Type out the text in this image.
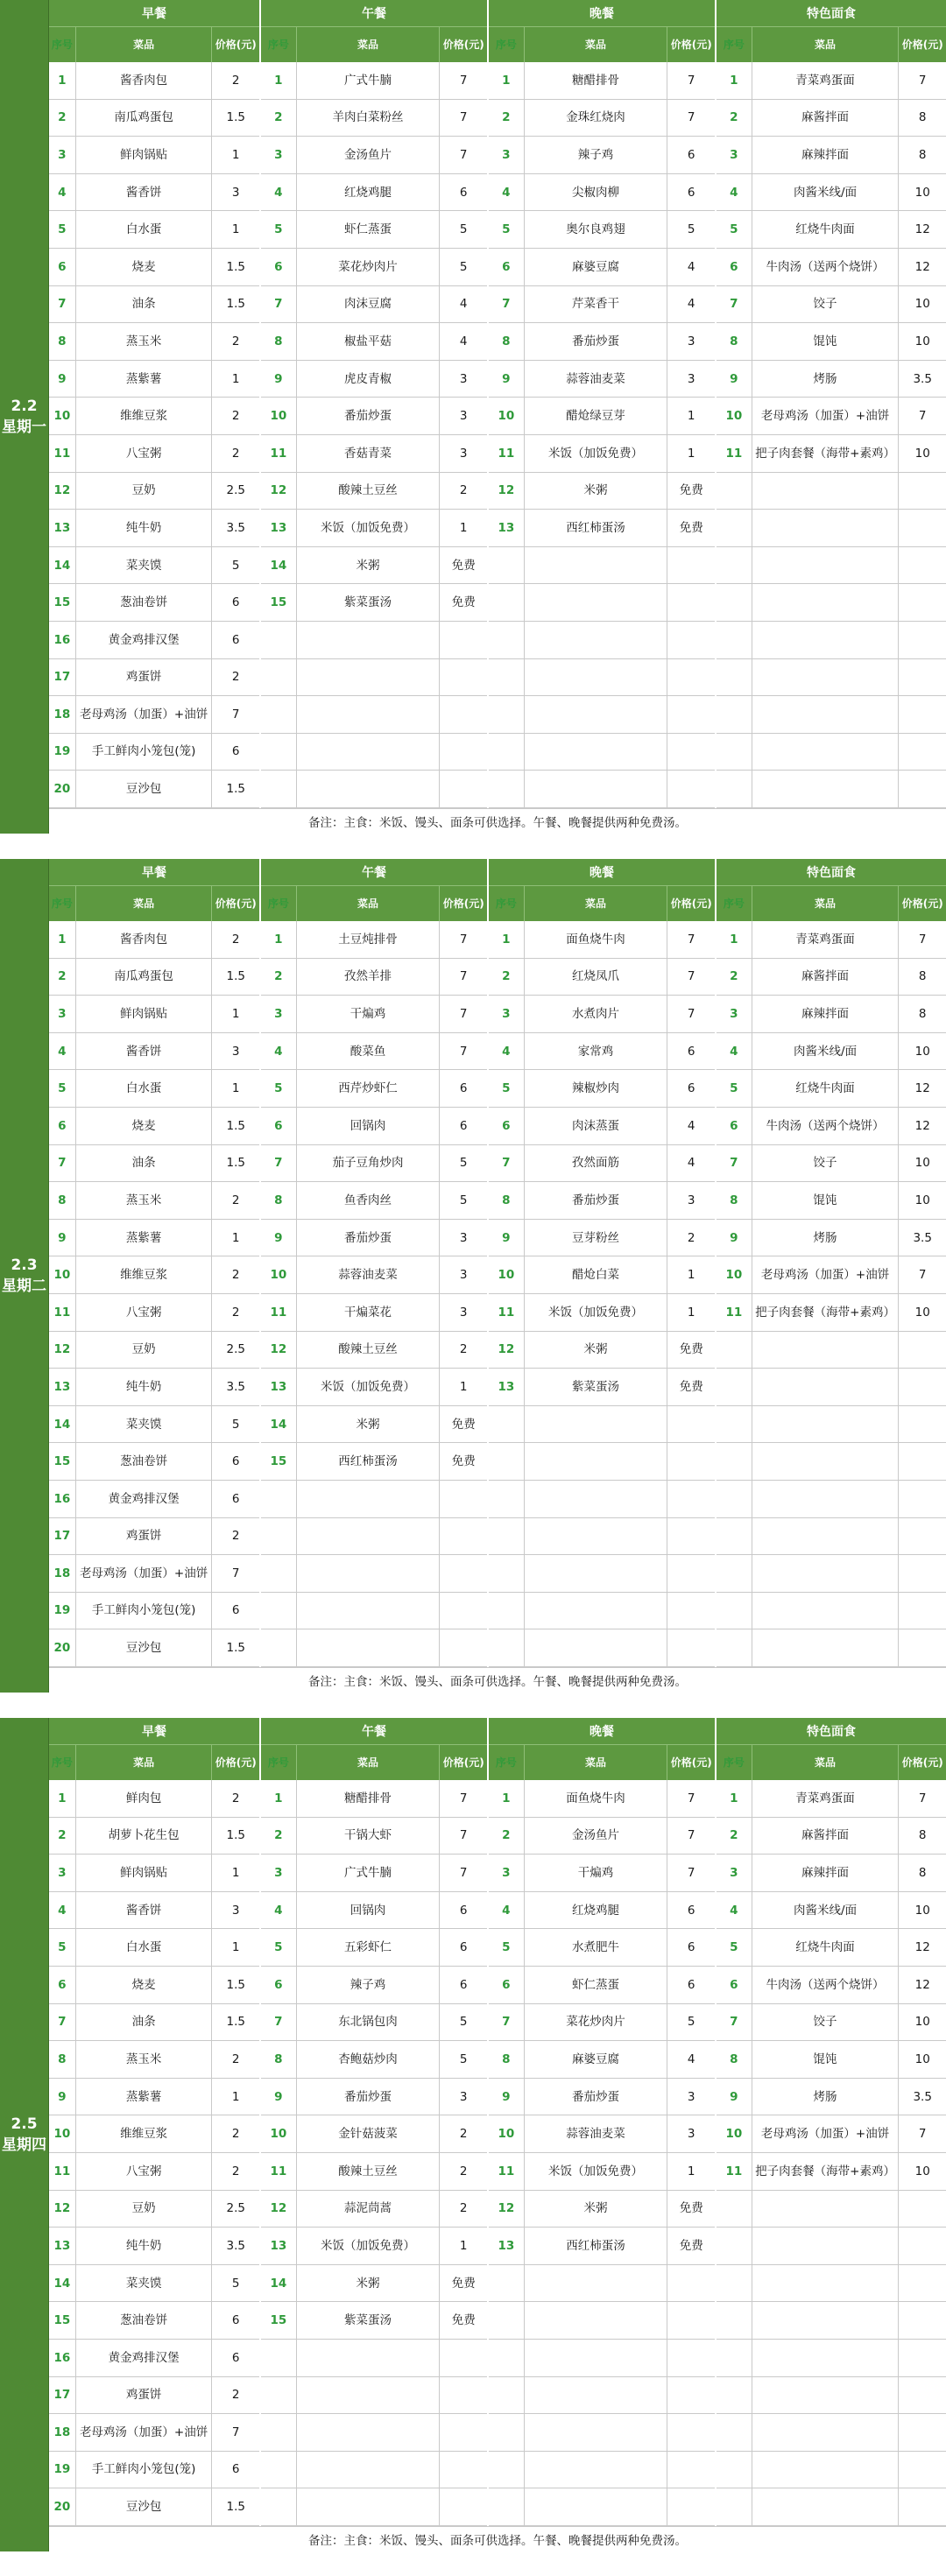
2.2
星期一
早餐
序号	菜品	价格(元)
1	酱香肉包	2
2	南瓜鸡蛋包	1.5
3	鲜肉锅贴	1
4	酱香饼	3
5	白水蛋	1
6	烧麦	1.5
7	油条	1.5
8	蒸玉米	2
9	蒸紫薯	1
10	维维豆浆	2
11	八宝粥	2
12	豆奶	2.5
13	纯牛奶	3.5
14	菜夹馍	5
15	葱油卷饼	6
16	黄金鸡排汉堡	6
17	鸡蛋饼	2
18 老母鸡汤（加蛋）+油饼	7
19	手工鲜肉小笼包(笼)	6
20	豆沙包	1.5
午餐
序号	菜品	价格(元)
1	广式牛腩	7
2	羊肉白菜粉丝	7
3	金汤鱼片	7
4	红烧鸡腿	6
5	虾仁蒸蛋	5
6	菜花炒肉片	5
7	肉沫豆腐	4
8	椒盐平菇	4
9	虎皮青椒	3
10	番茄炒蛋	3
11	香菇青菜	3
12	酸辣土豆丝	2
13	米饭（加饭免费）	1
14	米粥	免费
15	紫菜蛋汤	免费
晚餐
序号	菜品	价格(元)
1	糖醋排骨	7
2	金珠红烧肉	7
3	辣子鸡	6
4	尖椒肉柳	6
5	奥尔良鸡翅	5
6	麻婆豆腐	4
7	芹菜香干	4
8	番茄炒蛋	3
9	蒜蓉油麦菜	3
10	醋炝绿豆芽	1
11	米饭（加饭免费）	1
12	米粥	免费
13	西红柿蛋汤	免费
特色面食
序号	菜品	价格(元)
1	青菜鸡蛋面	7
2	麻酱拌面	8
3	麻辣拌面	8
4	肉酱米线/面	10
5	红烧牛肉面	12
6	牛肉汤（送两个烧饼）	12
7	饺子	10
8	馄饨	10
9	烤肠	3.5
10	老母鸡汤（加蛋）+油饼	7
11	把子肉套餐（海带+素鸡）	10
备注：主食：米饭、馒头、面条可供选择。午餐、晚餐提供两种免费汤。
2.3
星期二
早餐
序号	菜品	价格(元)
1	酱香肉包	2
2	南瓜鸡蛋包	1.5
3	鲜肉锅贴	1
4	酱香饼	3
5	白水蛋	1
6	烧麦	1.5
7	油条	1.5
8	蒸玉米	2
9	蒸紫薯	1
10	维维豆浆	2
11	八宝粥	2
12	豆奶	2.5
13	纯牛奶	3.5
14	菜夹馍	5
15	葱油卷饼	6
16	黄金鸡排汉堡	6
17	鸡蛋饼	2
18 老母鸡汤（加蛋）+油饼	7
19	手工鲜肉小笼包(笼)	6
20	豆沙包	1.5
午餐
序号	菜品	价格(元)
1	土豆炖排骨	7
2	孜然羊排	7
3	干煸鸡	7
4	酸菜鱼	7
5	西芹炒虾仁	6
6	回锅肉	6
7	茄子豆角炒肉	5
8	鱼香肉丝	5
9	番茄炒蛋	3
10	蒜蓉油麦菜	3
11	干煸菜花	3
12	酸辣土豆丝	2
13	米饭（加饭免费）	1
14	米粥	免费
15	西红柿蛋汤	免费
晚餐
序号	菜品	价格(元)
1	面鱼烧牛肉	7
2	红烧凤爪	7
3	水煮肉片	7
4	家常鸡	6
5	辣椒炒肉	6
6	肉沫蒸蛋	4
7	孜然面筋	4
8	番茄炒蛋	3
9	豆芽粉丝	2
10	醋炝白菜	1
11	米饭（加饭免费）	1
12	米粥	免费
13	紫菜蛋汤	免费
特色面食
序号	菜品	价格(元)
1	青菜鸡蛋面	7
2	麻酱拌面	8
3	麻辣拌面	8
4	肉酱米线/面	10
5	红烧牛肉面	12
6	牛肉汤（送两个烧饼）	12
7	饺子	10
8	馄饨	10
9	烤肠	3.5
10	老母鸡汤（加蛋）+油饼	7
11	把子肉套餐（海带+素鸡）	10
备注：主食：米饭、馒头、面条可供选择。午餐、晚餐提供两种免费汤。
2.5
星期四
早餐
序号	菜品	价格(元)
1	鲜肉包	2
2	胡萝卜花生包	1.5
3	鲜肉锅贴	1
4	酱香饼	3
5	白水蛋	1
6	烧麦	1.5
7	油条	1.5
8	蒸玉米	2
9	蒸紫薯	1
10	维维豆浆	2
11	八宝粥	2
12	豆奶	2.5
13	纯牛奶	3.5
14	菜夹馍	5
15	葱油卷饼	6
16	黄金鸡排汉堡	6
17	鸡蛋饼	2
18 老母鸡汤（加蛋）+油饼	7
19	手工鲜肉小笼包(笼)	6
20	豆沙包	1.5
午餐
序号	菜品	价格(元)
1	糖醋排骨	7
2	干锅大虾	7
3	广式牛腩	7
4	回锅肉	6
5	五彩虾仁	6
6	辣子鸡	6
7	东北锅包肉	5
8	杏鲍菇炒肉	5
9	番茄炒蛋	3
10	金针菇菠菜	2
11	酸辣土豆丝	2
12	蒜泥茼蒿	2
13	米饭（加饭免费）	1
14	米粥	免费
15	紫菜蛋汤	免费
晚餐
序号	菜品	价格(元)
1	面鱼烧牛肉	7
2	金汤鱼片	7
3	干煸鸡	7
4	红烧鸡腿	6
5	水煮肥牛	6
6	虾仁蒸蛋	6
7	菜花炒肉片	5
8	麻婆豆腐	4
9	番茄炒蛋	3
10	蒜蓉油麦菜	3
11	米饭（加饭免费）	1
12	米粥	免费
13	西红柿蛋汤	免费
特色面食
序号	菜品	价格(元)
1	青菜鸡蛋面	7
2	麻酱拌面	8
3	麻辣拌面	8
4	肉酱米线/面	10
5	红烧牛肉面	12
6	牛肉汤（送两个烧饼）	12
7	饺子	10
8	馄饨	10
9	烤肠	3.5
10	老母鸡汤（加蛋）+油饼	7
11	把子肉套餐（海带+素鸡）	10
备注：主食：米饭、馒头、面条可供选择。午餐、晚餐提供两种免费汤。
